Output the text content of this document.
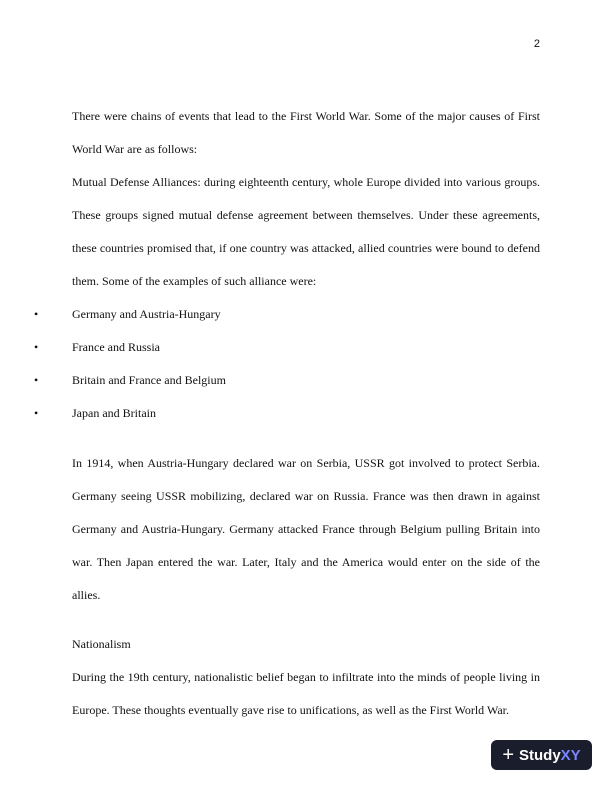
2

There were chains of events that lead to the First World War. Some of the major causes of First World War are as follows:

Mutual Defense Alliances: during eighteenth century, whole Europe divided into various groups. These groups signed mutual defense agreement between themselves. Under these agreements, these countries promised that, if one country was attacked, allied countries were bound to defend them. Some of the examples of such alliance were:

•	Germany and Austria-Hungary
•	France and Russia
•	Britain and France and Belgium
•	Japan and Britain

In 1914, when Austria-Hungary declared war on Serbia, USSR got involved to protect Serbia. Germany seeing USSR mobilizing, declared war on Russia. France was then drawn in against Germany and Austria-Hungary. Germany attacked France through Belgium pulling Britain into war. Then Japan entered the war. Later, Italy and the America would enter on the side of the allies.

Nationalism

During the 19th century, nationalistic belief began to infiltrate into the minds of people living in Europe. These thoughts eventually gave rise to unifications, as well as the First World War.

+ Study XY
